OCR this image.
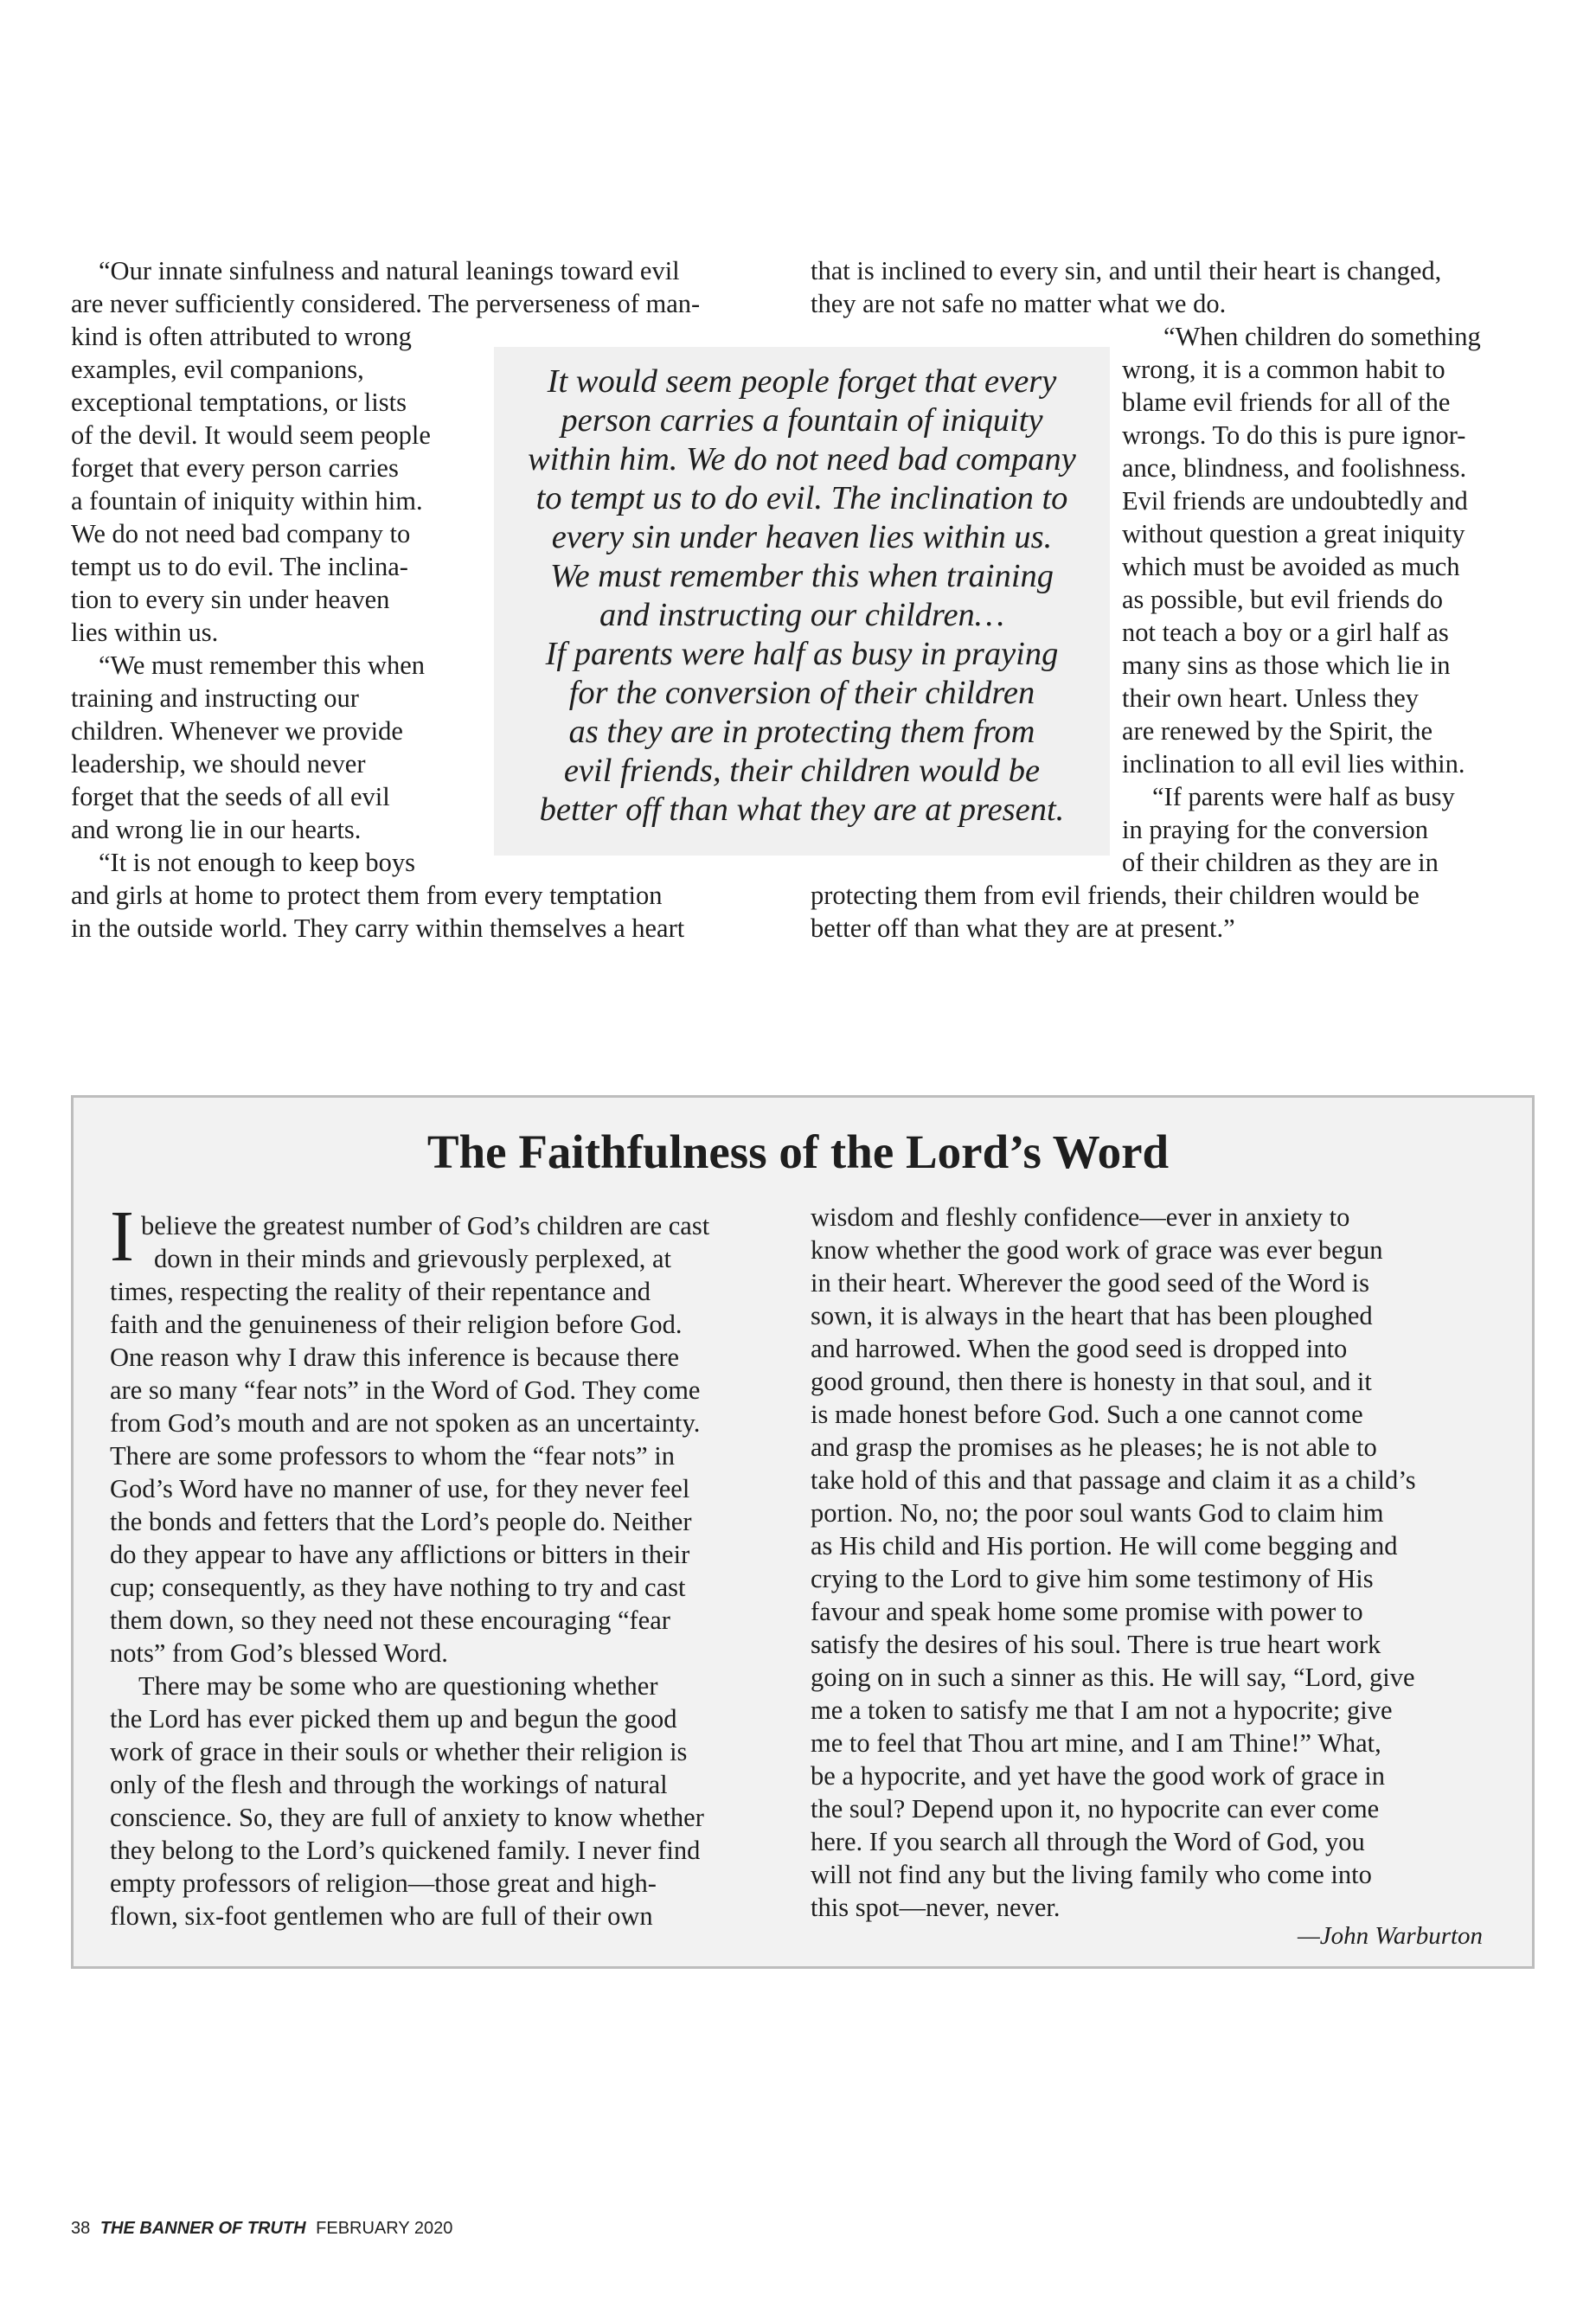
“Our innate sinfulness and natural leanings toward evil
are never sufficiently considered. The perverseness of man-
kind is often attributed to wrong
examples, evil companions,
exceptional temptations, or lists
of the devil. It would seem people
forget that every person carries
a fountain of iniquity within him.
We do not need bad company to
tempt us to do evil. The inclina-
tion to every sin under heaven
lies within us.
“We must remember this when
training and instructing our
children. Whenever we provide
leadership, we should never
forget that the seeds of all evil
and wrong lie in our hearts.
“It is not enough to keep boys
and girls at home to protect them from every temptation
in the outside world. They carry within themselves a heart
that is inclined to every sin, and until their heart is changed,
they are not safe no matter what we do.
“When children do something
wrong, it is a common habit to
blame evil friends for all of the
wrongs. To do this is pure ignor-
ance, blindness, and foolishness.
Evil friends are undoubtedly and
without question a great iniquity
which must be avoided as much
as possible, but evil friends do
not teach a boy or a girl half as
many sins as those which lie in
their own heart. Unless they
are renewed by the Spirit, the
inclination to all evil lies within.
“If parents were half as busy
in praying for the conversion
of their children as they are in
protecting them from evil friends, their children would be
better off than what they are at present.”
It would seem people forget that every
person carries a fountain of iniquity
within him. We do not need bad company
to tempt us to do evil. The inclination to
every sin under heaven lies within us.
We must remember this when training
and instructing our children…
If parents were half as busy in praying
for the conversion of their children
as they are in protecting them from
evil friends, their children would be
better off than what they are at present.
The Faithfulness of the Lord’s Word
I believe the greatest number of God’s children are cast
down in their minds and grievously perplexed, at
times, respecting the reality of their repentance and
faith and the genuineness of their religion before God.
One reason why I draw this inference is because there
are so many “fear nots” in the Word of God. They come
from God’s mouth and are not spoken as an uncertainty.
There are some professors to whom the “fear nots” in
God’s Word have no manner of use, for they never feel
the bonds and fetters that the Lord’s people do. Neither
do they appear to have any afflictions or bitters in their
cup; consequently, as they have nothing to try and cast
them down, so they need not these encouraging “fear
nots” from God’s blessed Word.
There may be some who are questioning whether
the Lord has ever picked them up and begun the good
work of grace in their souls or whether their religion is
only of the flesh and through the workings of natural
conscience. So, they are full of anxiety to know whether
they belong to the Lord’s quickened family. I never find
empty professors of religion—those great and high-
flown, six-foot gentlemen who are full of their own
wisdom and fleshly confidence—ever in anxiety to
know whether the good work of grace was ever begun
in their heart. Wherever the good seed of the Word is
sown, it is always in the heart that has been ploughed
and harrowed. When the good seed is dropped into
good ground, then there is honesty in that soul, and it
is made honest before God. Such a one cannot come
and grasp the promises as he pleases; he is not able to
take hold of this and that passage and claim it as a child’s
portion. No, no; the poor soul wants God to claim him
as His child and His portion. He will come begging and
crying to the Lord to give him some testimony of His
favour and speak home some promise with power to
satisfy the desires of his soul. There is true heart work
going on in such a sinner as this. He will say, “Lord, give
me a token to satisfy me that I am not a hypocrite; give
me to feel that Thou art mine, and I am Thine!” What,
be a hypocrite, and yet have the good work of grace in
the soul? Depend upon it, no hypocrite can ever come
here. If you search all through the Word of God, you
will not find any but the living family who come into
this spot—never, never.
—John Warburton
38 THE BANNER OF TRUTH FEBRUARY 2020
